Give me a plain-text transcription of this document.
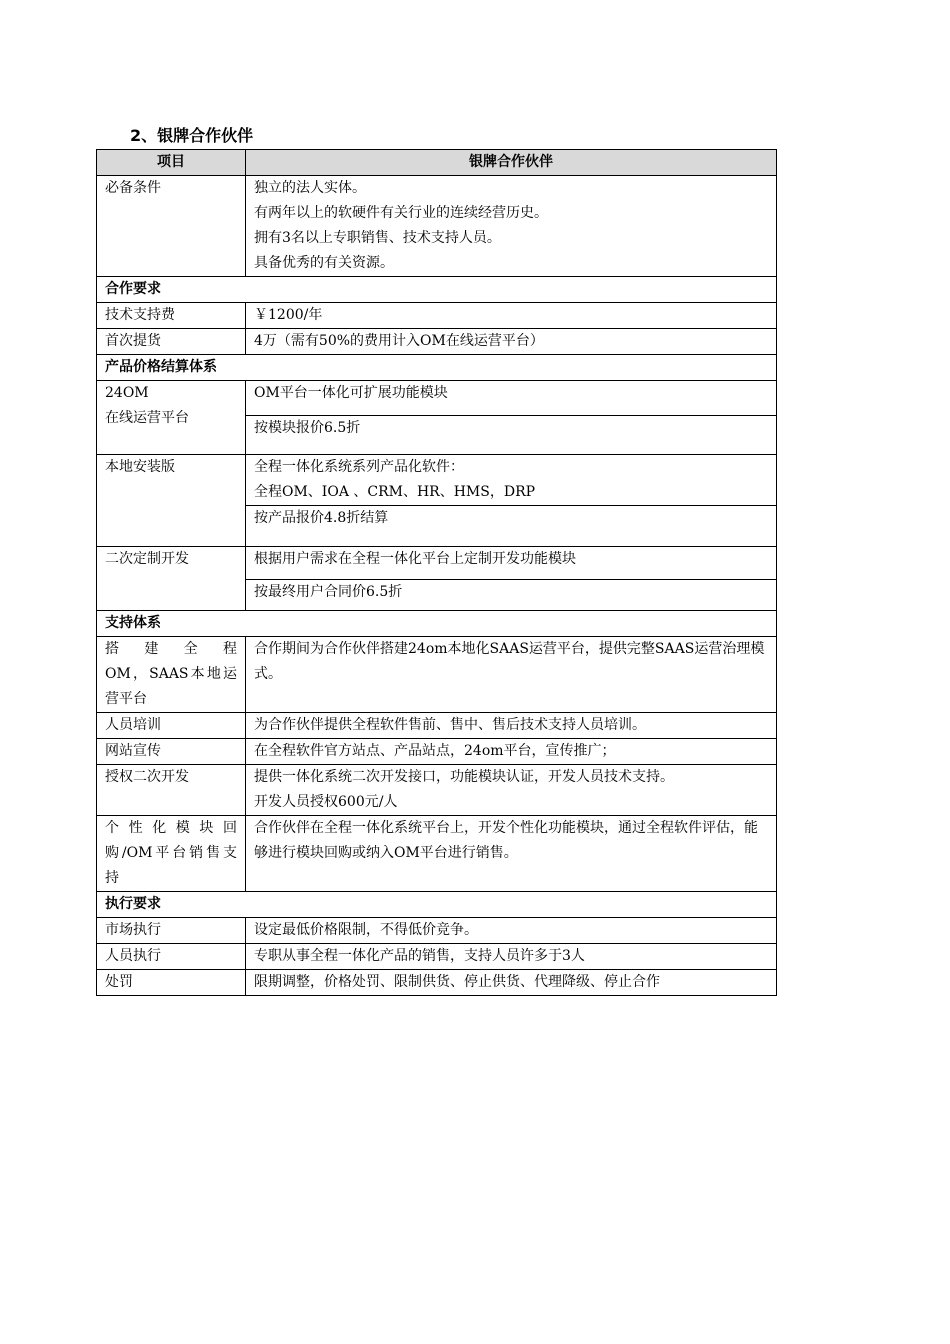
2、银牌合作伙伴
项目	银牌合作伙伴
必备条件	独立的法人实体。
有两年以上的软硬件有关行业的连续经营历史。
拥有3名以上专职销售、技术支持人员。
具备优秀的有关资源。

合作要求	
技术支持费	￥1200/年
首次提货	4万（需有50%的费用计入OM在线运营平台）
产品价格结算体系	

24OM
在线运营平台	OM平台一体化可扩展功能模块
	按模块报价6.5折
本地安装版	全程一体化系统系列产品化软件：
全程OM、IOA 、CRM、HR、HMS，DRP

	按产品报价4.8折结算
二次定制开发	根据用户需求在全程一体化平台上定制开发功能模块
	按最终用户合同价6.5折
支持体系	

搭建全程
OM，SAAS本地运
营平台	合作期间为合作伙伴搭建24om本地化SAAS运营平台，提供完整SAAS运营治理模式。
人员培训	为合作伙伴提供全程软件售前、售中、售后技术支持人员培训。
网站宣传	在全程软件官方站点、产品站点，24om平台，宣传推广；
授权二次开发	提供一体化系统二次开发接口，功能模块认证，开发人员技术支持。
开发人员授权600元/人

个性化模块回
购/OM平台销售支
持	合作伙伴在全程一体化系统平台上，开发个性化功能模块，通过全程软件评估，能够进行模块回购或纳入OM平台进行销售。
执行要求	
市场执行	设定最低价格限制，不得低价竞争。
人员执行	专职从事全程一体化产品的销售，支持人员许多于3人
处罚	限期调整，价格处罚、限制供货、停止供货、代理降级、停止合作
